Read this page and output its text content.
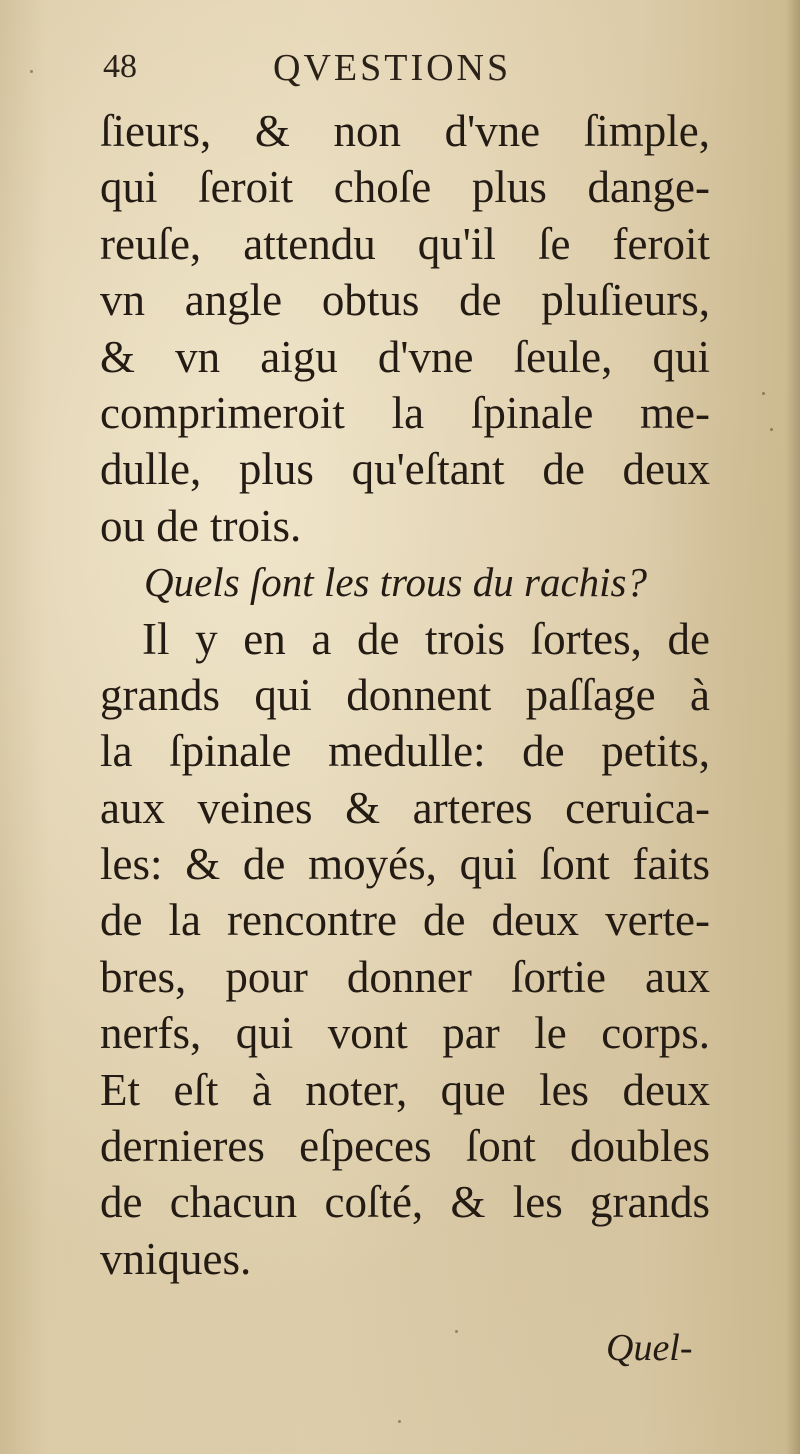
48	QVESTIONS
ſieurs, & non d'vne ſimple,
qui ſeroit choſe plus dange-
reuſe, attendu qu'il ſe feroit
vn angle obtus de pluſieurs,
& vn aigu d'vne ſeule, qui
comprimeroit la ſpinale me-
dulle, plus qu'eſtant de deux
ou de trois.
Quels ſont les trous du rachis?
Il y en a de trois ſortes, de
grands qui donnent paſſage à
la ſpinale medulle: de petits,
aux veines & arteres ceruica-
les: & de moyés, qui ſont faits
de la rencontre de deux verte-
bres, pour donner ſortie aux
nerfs, qui vont par le corps.
Et eſt à noter, que les deux
dernieres eſpeces ſont doubles
de chacun coſté, & les grands
vniques.
Quel-
